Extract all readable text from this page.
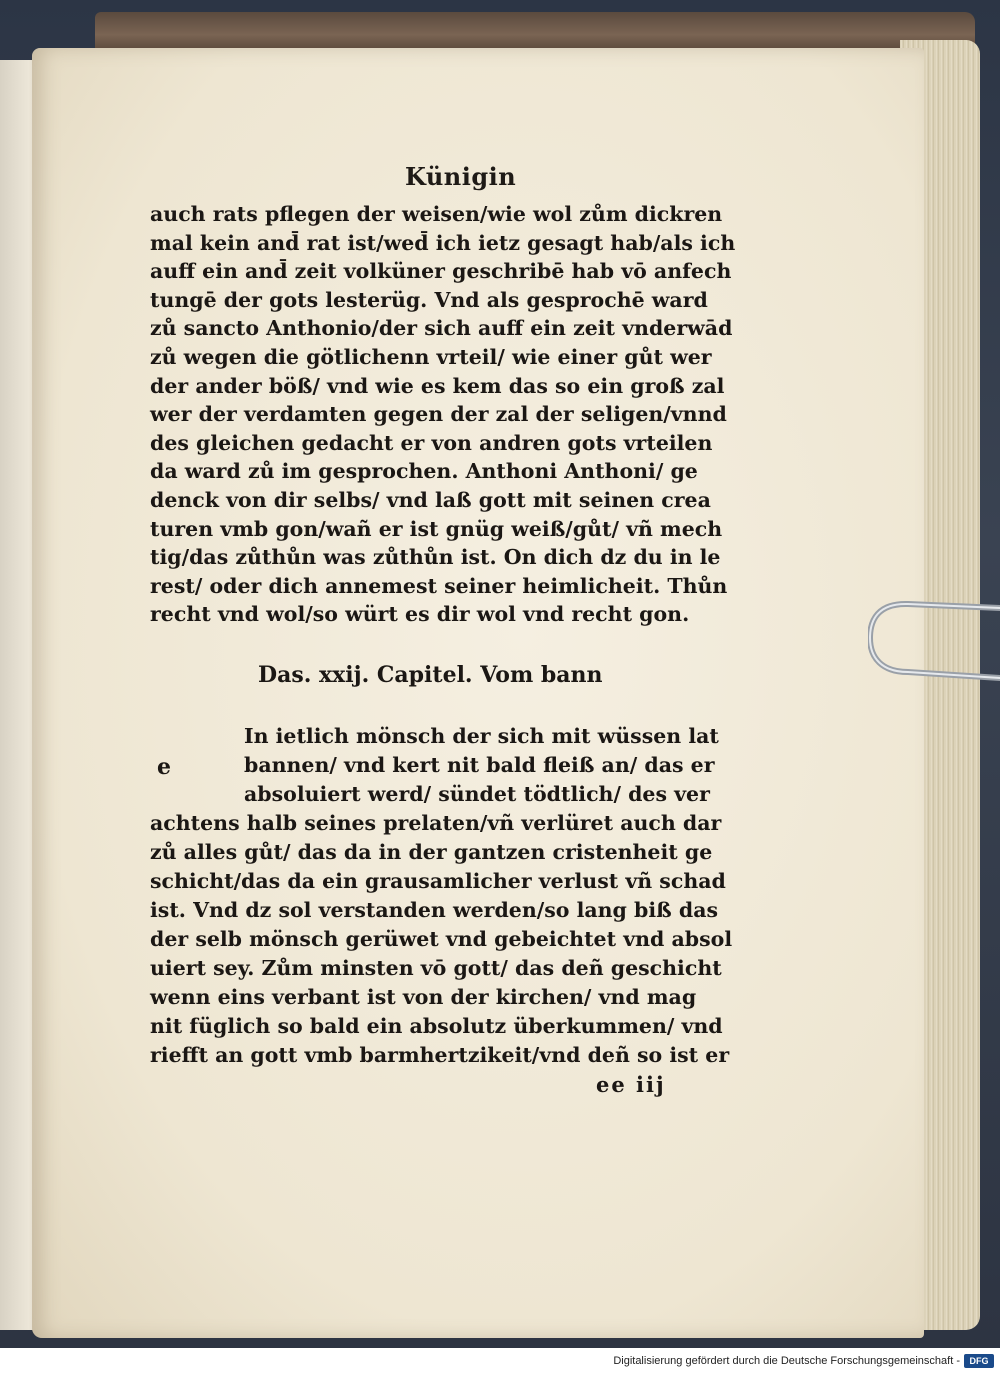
Künigin
auch rats pflegen der weisen/wie wol zům dickren
mal kein and̄ rat ist/wed̄ ich ietz gesagt hab/als ich
auff ein and̄ zeit volküner geschribē hab vō anfech
tungē der gots lesterüg. Vnd als gesprochē ward
zů sancto Anthonio/der sich auff ein zeit vnderwād
zů wegen die götlichenn vrteil/ wie einer gůt wer
der ander böß/ vnd wie es kem das so ein groß zal
wer der verdamten gegen der zal der seligen/vnnd
des gleichen gedacht er von andren gots vrteilen
da ward zů im gesprochen. Anthoni Anthoni/ ge
denck von dir selbs/ vnd laß gott mit seinen crea
turen vmb gon/wañ er ist gnüg weiß/gůt/ vñ mech
tig/das zůthůn was zůthůn ist. On dich dz du in le
rest/ oder dich annemest seiner heimlicheit. Thůn
recht vnd wol/so würt es dir wol vnd recht gon.
Das. xxij. Capitel. Vom bann
e
In ietlich mönsch der sich mit wüssen lat
bannen/ vnd kert nit bald fleiß an/ das er
absoluiert werd/ sündet tödtlich/ des ver
achtens halb seines prelaten/vñ verlüret auch dar
zů alles gůt/ das da in der gantzen cristenheit ge
schicht/das da ein grausamlicher verlust vñ schad
ist. Vnd dz sol verstanden werden/so lang biß das
der selb mönsch gerüwet vnd gebeichtet vnd absol
uiert sey. Zům minsten vō gott/ das deñ geschicht
wenn eins verbant ist von der kirchen/ vnd mag
nit füglich so bald ein absolutz überkummen/ vnd
riefft an gott vmb barmhertzikeit/vnd deñ so ist er
ee iij
Digitalisierung gefördert durch die Deutsche Forschungsgemeinschaft -	DFG
